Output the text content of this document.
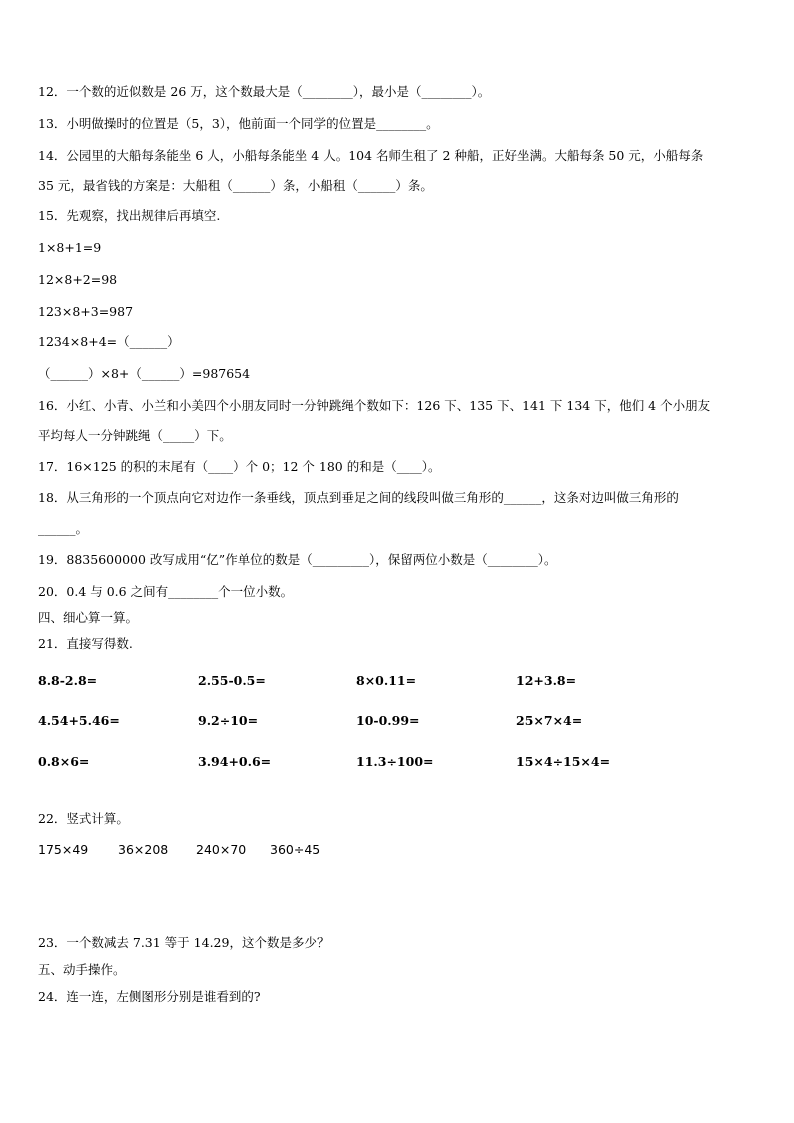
12．一个数的近似数是 26 万，这个数最大是（________），最小是（________）。
13．小明做操时的位置是（5，3），他前面一个同学的位置是________。
14．公园里的大船每条能坐 6 人，小船每条能坐 4 人。104 名师生租了 2 种船，正好坐满。大船每条 50 元，小船每条
35 元，最省钱的方案是：大船租（______）条，小船租（______）条。
15．先观察，找出规律后再填空.
1×8+1=9
12×8+2=98
123×8+3=987
1234×8+4=（______）
（______）×8+（______）=987654
16．小红、小青、小兰和小美四个小朋友同时一分钟跳绳个数如下：126 下、135 下、141 下 134 下，他们 4 个小朋友
平均每人一分钟跳绳（_____）下。
17．16×125 的积的末尾有（____）个 0；12 个 180 的和是（____）。
18．从三角形的一个顶点向它对边作一条垂线，顶点到垂足之间的线段叫做三角形的______，这条对边叫做三角形的
______。
19．8835600000 改写成用“亿”作单位的数是（_________），保留两位小数是（________）。
20．0.4 与 0.6 之间有________个一位小数。
四、细心算一算。
21．直接写得数.
8.8-2.8=	2.55-0.5=	8×0.11=	12+3.8=
4.54+5.46=	9.2÷10=	10-0.99=	25×7×4=
0.8×6=	3.94+0.6=	11.3÷100=	15×4÷15×4=
22．竖式计算。
175×49 36×208 240×70 360÷45
23．一个数减去 7.31 等于 14.29，这个数是多少？
五、动手操作。
24．连一连，左侧图形分别是谁看到的?
